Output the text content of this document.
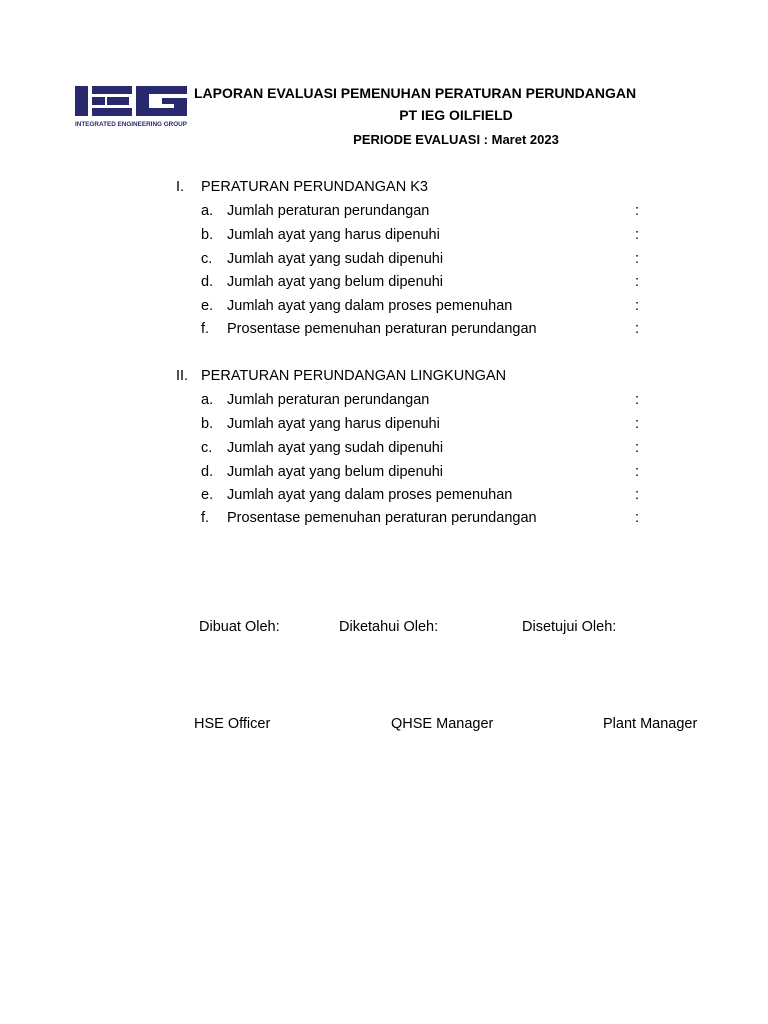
INTEGRATED ENGINEERING GROUP
LAPORAN EVALUASI PEMENUHAN PERATURAN PERUNDANGAN
PT IEG OILFIELD
PERIODE EVALUASI : Maret 2023
I. PERATURAN PERUNDANGAN K3
a. Jumlah peraturan perundangan	:
b. Jumlah ayat yang harus dipenuhi	:
c. Jumlah ayat yang sudah dipenuhi	:
d. Jumlah ayat yang belum dipenuhi	:
e. Jumlah ayat yang dalam proses pemenuhan	:
f. Prosentase pemenuhan peraturan perundangan	:
II. PERATURAN PERUNDANGAN LINGKUNGAN
a. Jumlah peraturan perundangan	:
b. Jumlah ayat yang harus dipenuhi	:
c. Jumlah ayat yang sudah dipenuhi	:
d. Jumlah ayat yang belum dipenuhi	:
e. Jumlah ayat yang dalam proses pemenuhan	:
f. Prosentase pemenuhan peraturan perundangan	:
Dibuat Oleh:	Diketahui Oleh:	Disetujui Oleh:
HSE Officer	QHSE Manager	Plant Manager
